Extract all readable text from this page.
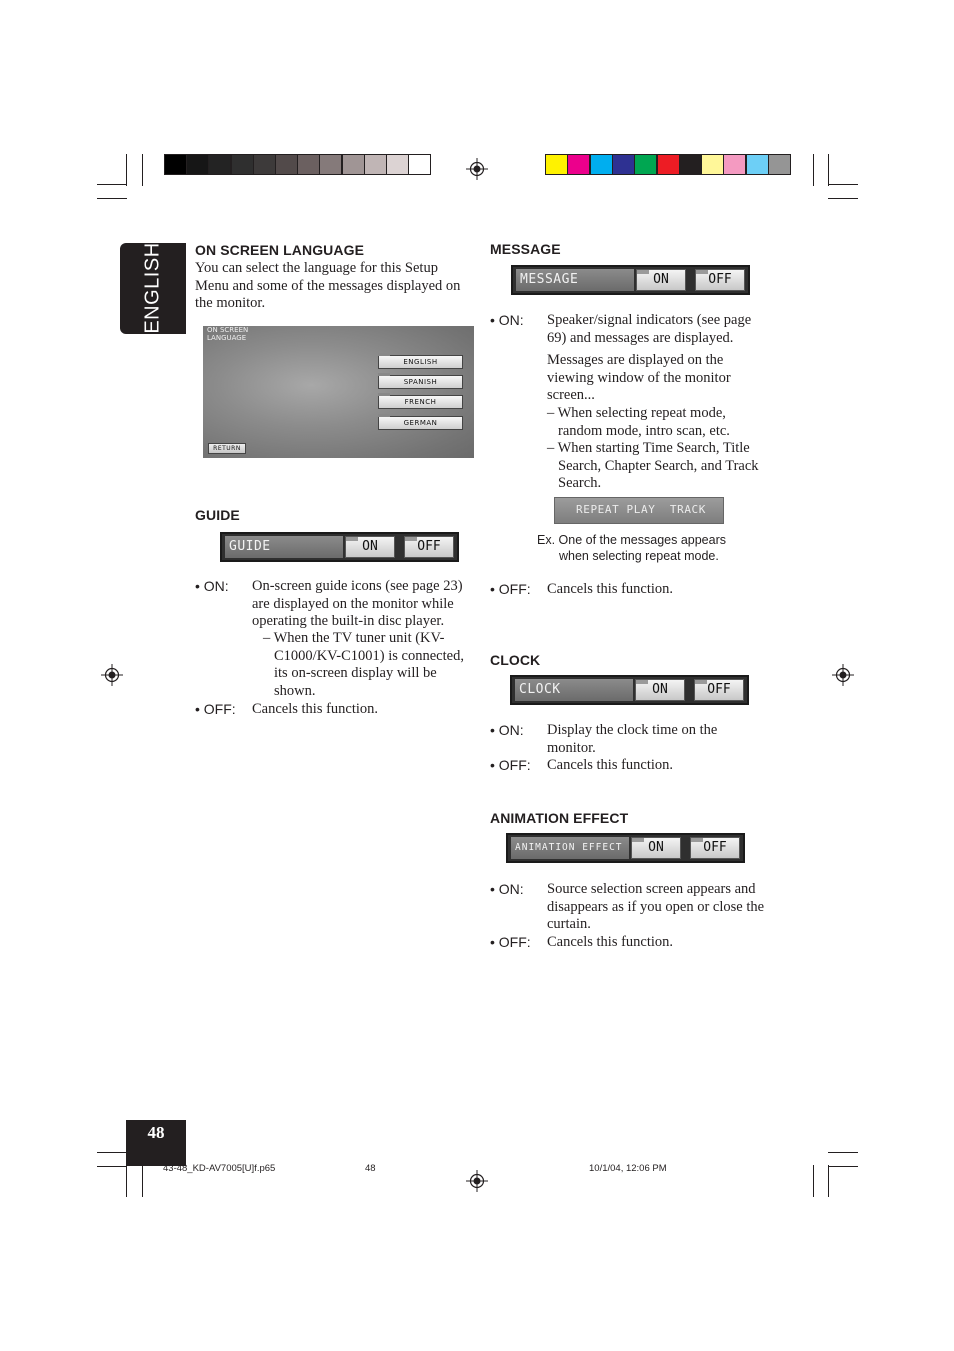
ENGLISH
48
ON SCREEN LANGUAGE
You can select the language for this Setup Menu and some of the messages displayed on the monitor.
ON SCREEN LANGUAGE
ENGLISH
SPANISH
FRENCH
GERMAN
RETURN
GUIDE
GUIDE	ON	OFF
• ON: On-screen guide icons (see page 23) are displayed on the monitor while operating the built-in disc player.
– When the TV tuner unit (KV-C1000/KV-C1001) is connected, its on-screen display will be shown.
• OFF: Cancels this function.
MESSAGE
MESSAGE	ON	OFF
• ON: Speaker/signal indicators (see page 69) and messages are displayed.
Messages are displayed on the viewing window of the monitor screen...
– When selecting repeat mode, random mode, intro scan, etc.
– When starting Time Search, Title Search, Chapter Search, and Track Search.
REPEAT PLAY  TRACK
Ex. One of the messages appears when selecting repeat mode.
• OFF: Cancels this function.
CLOCK
CLOCK	ON	OFF
• ON: Display the clock time on the monitor.
• OFF: Cancels this function.
ANIMATION EFFECT
ANIMATION EFFECT	ON	OFF
• ON: Source selection screen appears and disappears as if you open or close the curtain.
• OFF: Cancels this function.
43-48_KD-AV7005[U]f.p65	48	10/1/04, 12:06 PM
